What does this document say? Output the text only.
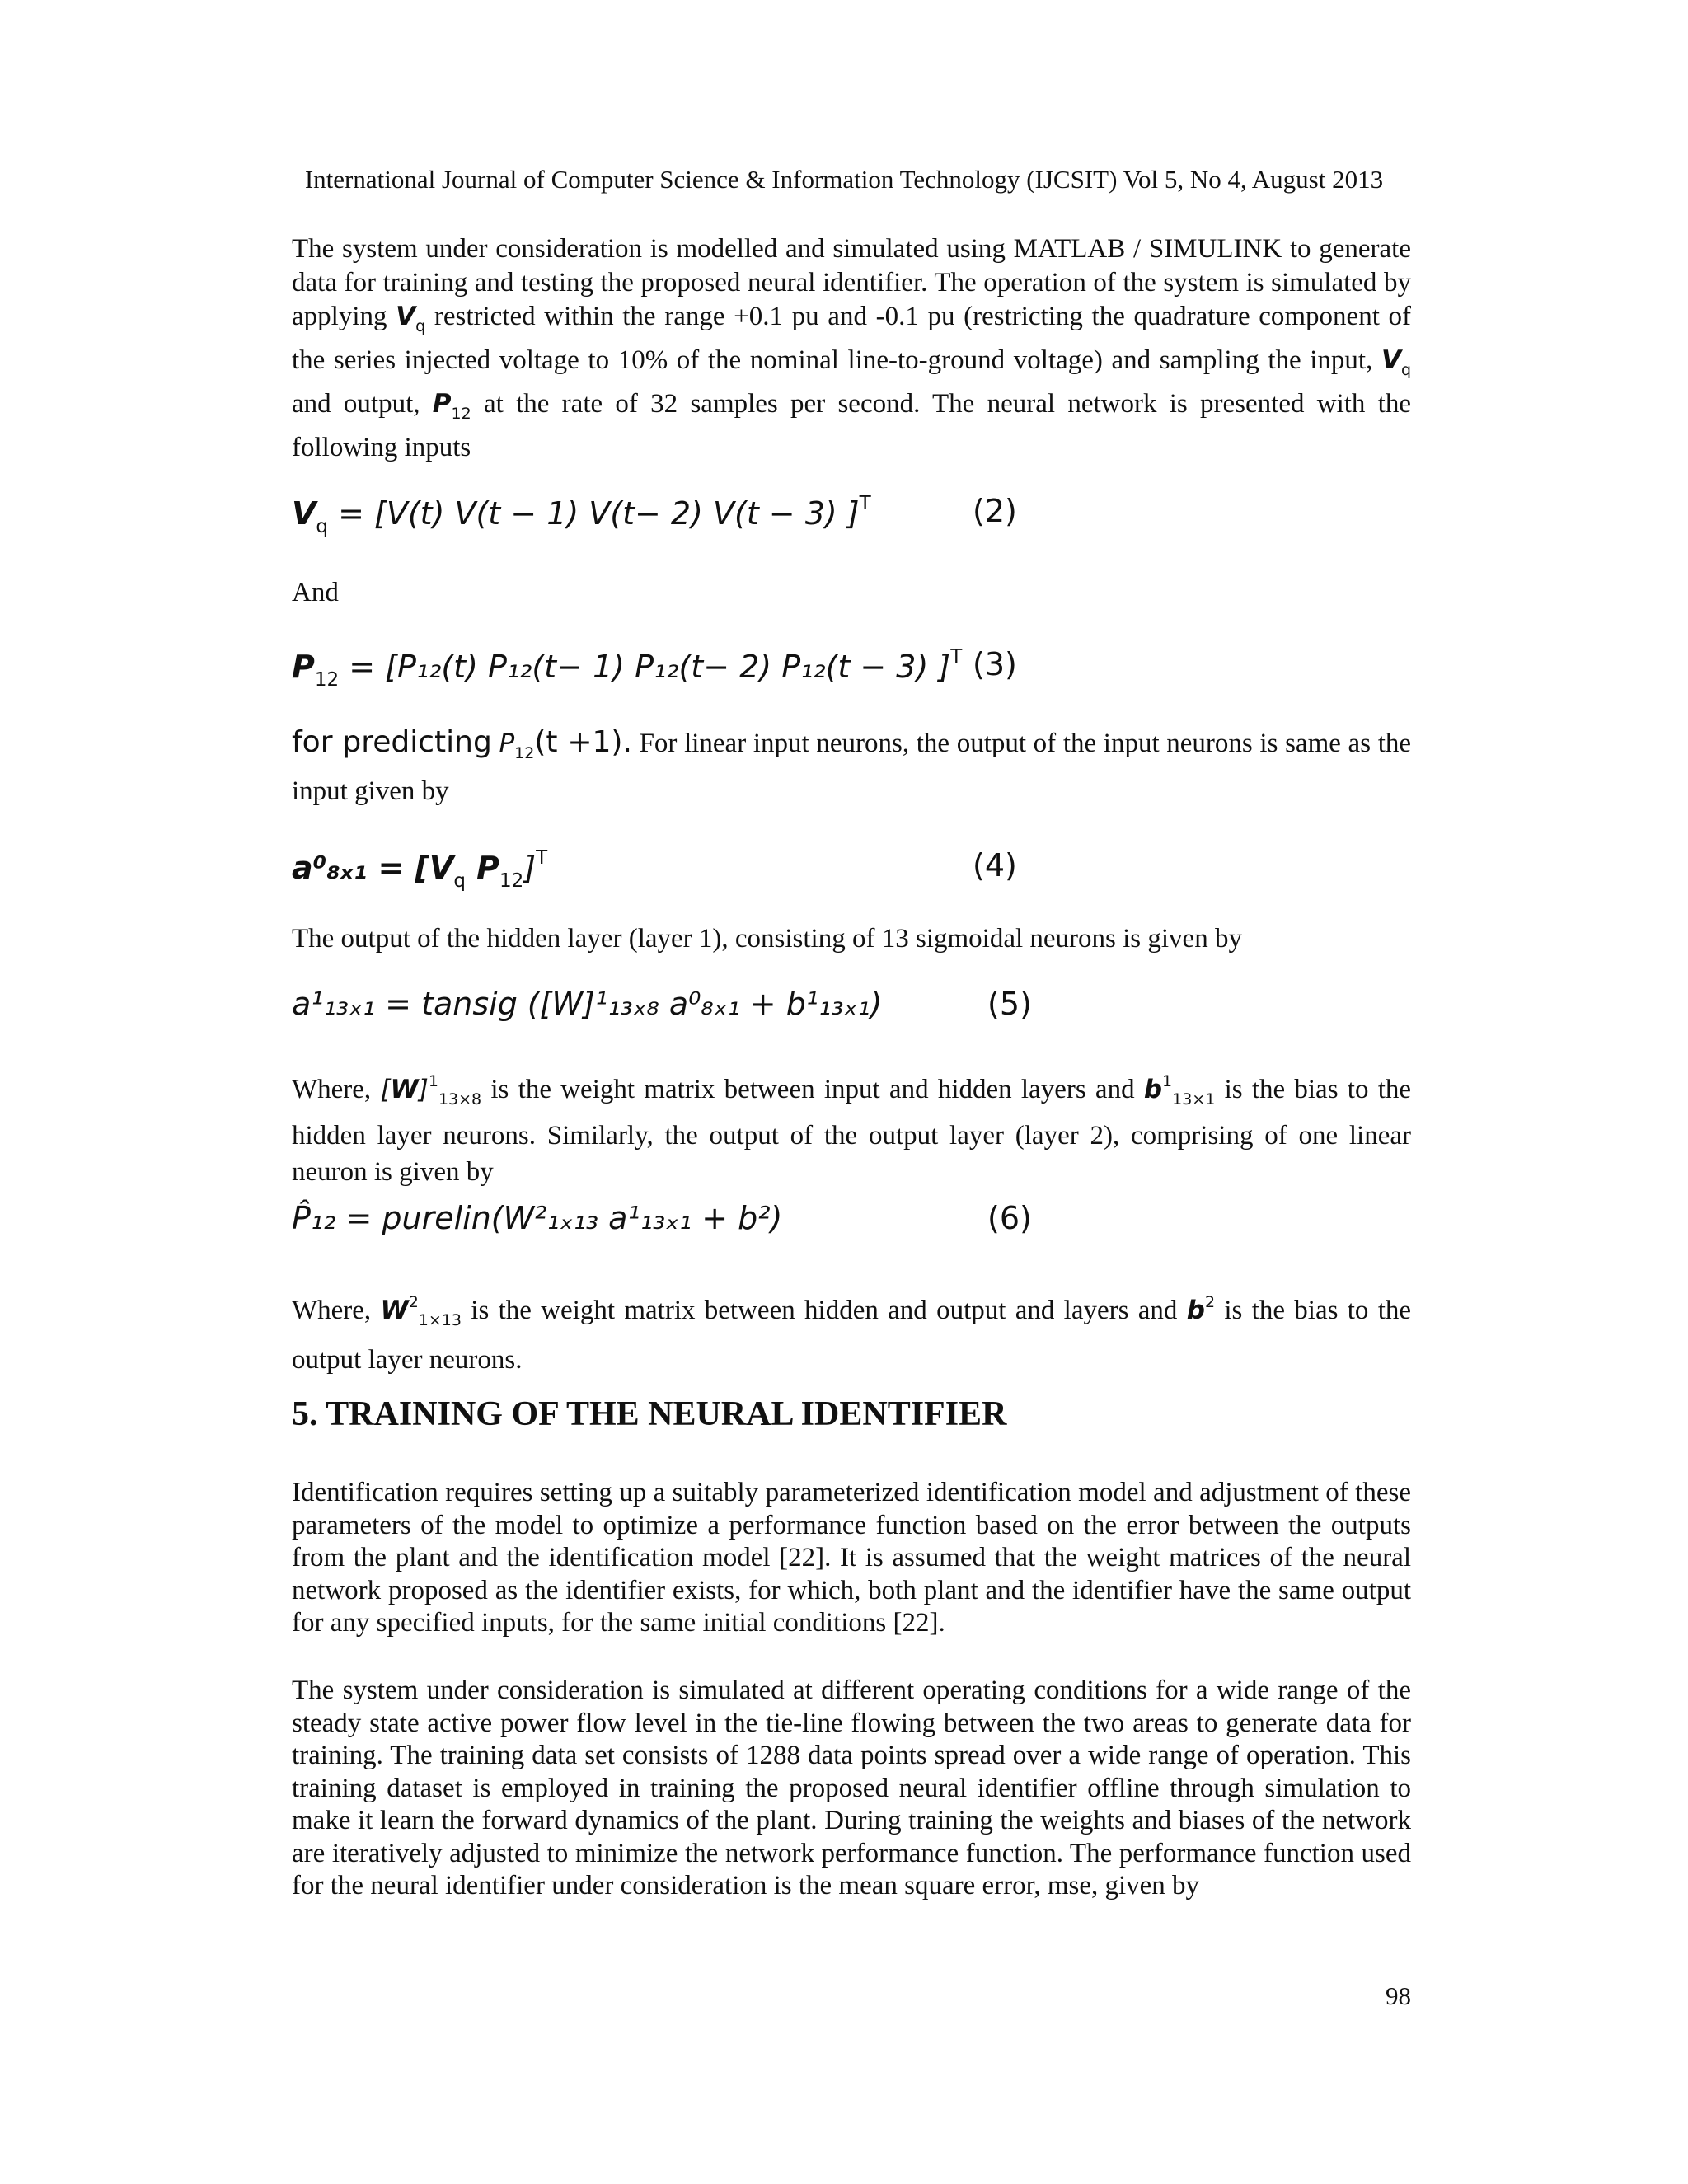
International Journal of Computer Science & Information Technology (IJCSIT) Vol 5, No 4, August 2013

The system under consideration is modelled and simulated using MATLAB / SIMULINK to generate data for training and testing the proposed neural identifier. The operation of the system is simulated by applying $V_q$ restricted within the range +0.1 pu and -0.1 pu (restricting the quadrature component of the series injected voltage to 10% of the nominal line-to-ground voltage) and sampling the input, $V_q$ and output, $P_{12}$ at the rate of 32 samples per second. The neural network is presented with the following inputs

$V_q = [V(t) V(t - 1)$ V(t− 2) V(t − 3) ]$^T$	(2)
And
$P_{12} = [P_{12}(t)$ P₁₂(t− 1) P₁₂(t− 2) P₁₂(t − 3) ]$^T$ (3)

for predicting $P_{12}(t +1)$. For linear input neurons, the output of the input neurons is same as the input given by

$a^0_{8x1} = [V_q$ $P_{12}]^T$	(4)
The output of the hidden layer (layer 1), consisting of 13 sigmoidal neurons is given by
a¹₁₃ₓ₁ = tansig ([W]¹₁₃ₓ₈ a⁰₈ₓ₁ + b¹₁₃ₓ₁)	(5)

Where, $[W]^1_{13\times 8}$ is the weight matrix between input and hidden layers and $b^1_{13\times 1}$ is the bias to the hidden layer neurons. Similarly, the output of the output layer (layer 2), comprising of one linear neuron is given by

P̂₁₂ = purelin(W²₁ₓ₁₃ a¹₁₃ₓ₁ + b²)	(6)

Where, $W^2_{1\times 13}$ is the weight matrix between hidden and output and layers and $b^2$ is the bias to the output layer neurons.

5. TRAINING OF THE NEURAL IDENTIFIER

Identification requires setting up a suitably parameterized identification model and adjustment of these parameters of the model to optimize a performance function based on the error between the outputs from the plant and the identification model [22]. It is assumed that the weight matrices of the neural network proposed as the identifier exists, for which, both plant and the identifier have the same output for any specified inputs, for the same initial conditions [22].

The system under consideration is simulated at different operating conditions for a wide range of the steady state active power flow level in the tie-line flowing between the two areas to generate data for training. The training data set consists of 1288 data points spread over a wide range of operation. This training dataset is employed in training the proposed neural identifier offline through simulation to make it learn the forward dynamics of the plant. During training the weights and biases of the network are iteratively adjusted to minimize the network performance function. The performance function used for the neural identifier under consideration is the mean square error, mse, given by

98
